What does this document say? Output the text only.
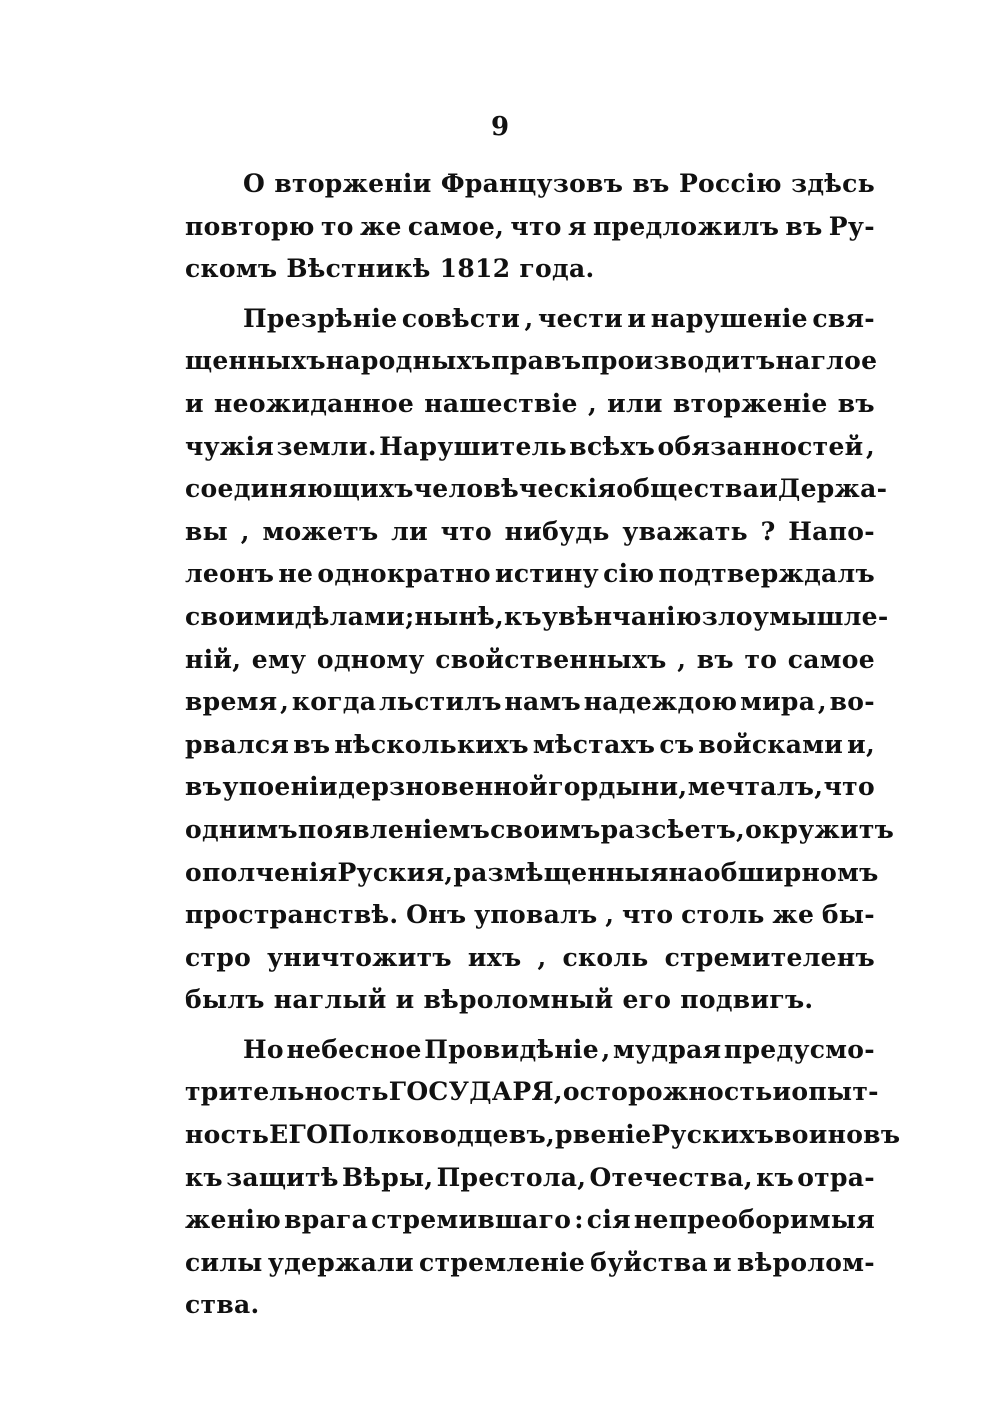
9
О вторженіи Французовъ въ Россію здѣсь
повторю то же самое, что я предложилъ въ Ру-
скомъ Вѣстникѣ 1812 года.
Презрѣніе совѣсти , чести и нарушеніе свя-
щенныхъ народныхъ правъ производитъ наглое
и неожиданное нашествіе , или вторженіе въ
чужія земли. Нарушитель всѣхъ обязанностей ,
соединяющихъ человѣческія общества и Держа-
вы , можетъ ли что нибудь уважать ? Напо-
леонъ не однократно истину сію подтверждалъ
своими дѣлами ; нынѣ, къ увѣнчанію злоумышле-
ній, ему одному свойственныхъ , въ то самое
время , когда льстилъ намъ надеждою мира , во-
рвался въ нѣсколькихъ мѣстахъ съ войсками и,
въ упоеніи дерзновенной гордыни, мечталъ, что
однимъ появленіемъ своимъ разсѣетъ, окружитъ
ополченія Руския , размѣщенныя на обширномъ
пространствѣ. Онъ уповалъ , что столь же бы-
стро уничтожитъ ихъ , сколь стремителенъ
былъ наглый и вѣроломный его подвигъ.
Но небесное Провидѣніе , мудрая предусмо-
трительность ГОСУДАРЯ, осторожность и опыт-
ность ЕГО Полководцевъ, рвеніе Рускихъ воиновъ
къ защитѣ Вѣры, Престола, Отечества, къ отра-
женію врага стремившаго : сія непреоборимыя
силы удержали стремленіе буйства и вѣролом-
ства.
